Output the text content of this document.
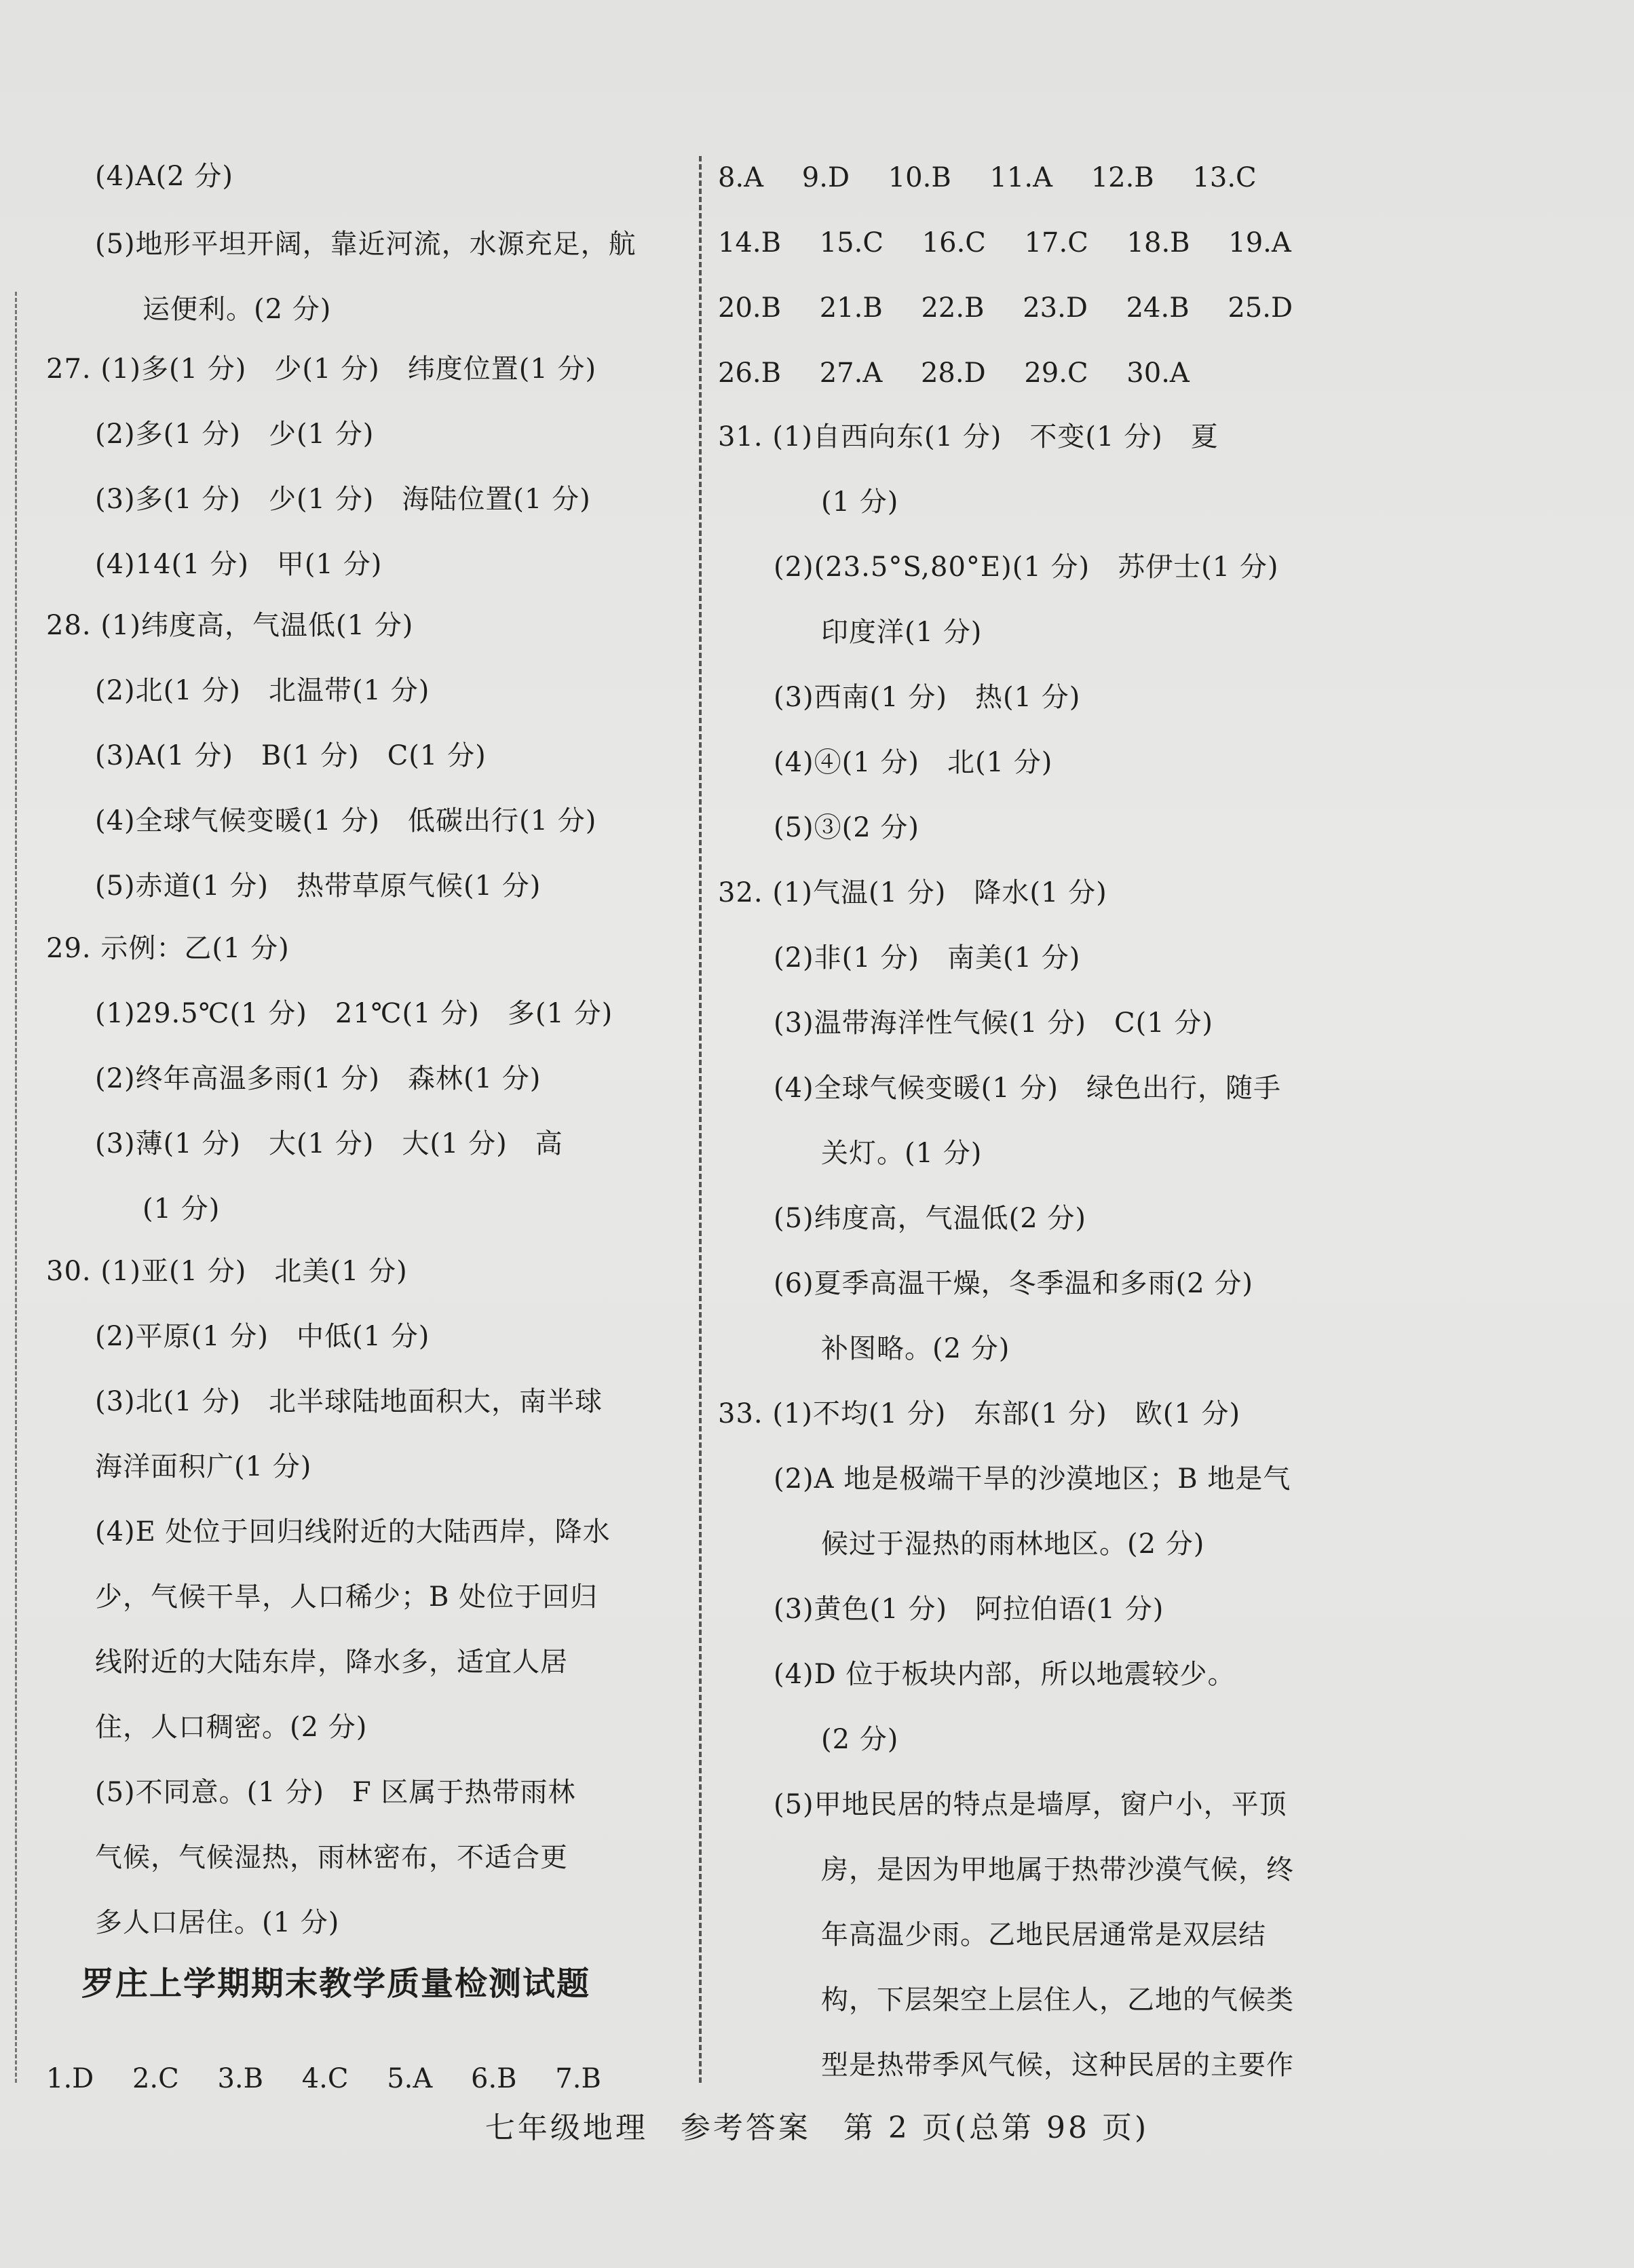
(4)A(2 分)
(5)地形平坦开阔，靠近河流，水源充足，航
运便利。(2 分)
27. (1)多(1 分)　少(1 分)　纬度位置(1 分)
(2)多(1 分)　少(1 分)
(3)多(1 分)　少(1 分)　海陆位置(1 分)
(4)14(1 分)　甲(1 分)
28. (1)纬度高，气温低(1 分)
(2)北(1 分)　北温带(1 分)
(3)A(1 分)　B(1 分)　C(1 分)
(4)全球气候变暖(1 分)　低碳出行(1 分)
(5)赤道(1 分)　热带草原气候(1 分)
29. 示例：乙(1 分)
(1)29.5℃(1 分)　21℃(1 分)　多(1 分)
(2)终年高温多雨(1 分)　森林(1 分)
(3)薄(1 分)　大(1 分)　大(1 分)　高
(1 分)
30. (1)亚(1 分)　北美(1 分)
(2)平原(1 分)　中低(1 分)
(3)北(1 分)　北半球陆地面积大，南半球
海洋面积广(1 分)
(4)E 处位于回归线附近的大陆西岸，降水
少，气候干旱，人口稀少；B 处位于回归
线附近的大陆东岸，降水多，适宜人居
住，人口稠密。(2 分)
(5)不同意。(1 分)　F 区属于热带雨林
气候，气候湿热，雨林密布，不适合更
多人口居住。(1 分)
罗庄上学期期末教学质量检测试题
1.D 2.C 3.B 4.C 5.A 6.B 7.B
8.A 9.D 10.B 11.A 12.B 13.C
14.B 15.C 16.C 17.C 18.B 19.A
20.B 21.B 22.B 23.D 24.B 25.D
26.B 27.A 28.D 29.C 30.A
31. (1)自西向东(1 分)　不变(1 分)　夏
(1 分)
(2)(23.5°S,80°E)(1 分)　苏伊士(1 分)
印度洋(1 分)
(3)西南(1 分)　热(1 分)
(4)④(1 分)　北(1 分)
(5)③(2 分)
32. (1)气温(1 分)　降水(1 分)
(2)非(1 分)　南美(1 分)
(3)温带海洋性气候(1 分)　C(1 分)
(4)全球气候变暖(1 分)　绿色出行，随手
关灯。(1 分)
(5)纬度高，气温低(2 分)
(6)夏季高温干燥，冬季温和多雨(2 分)
补图略。(2 分)
33. (1)不均(1 分)　东部(1 分)　欧(1 分)
(2)A 地是极端干旱的沙漠地区；B 地是气
候过于湿热的雨林地区。(2 分)
(3)黄色(1 分)　阿拉伯语(1 分)
(4)D 位于板块内部，所以地震较少。
(2 分)
(5)甲地民居的特点是墙厚，窗户小，平顶
房，是因为甲地属于热带沙漠气候，终
年高温少雨。乙地民居通常是双层结
构，下层架空上层住人，乙地的气候类
型是热带季风气候，这种民居的主要作
七年级地理　参考答案　第 2 页(总第 98 页)
